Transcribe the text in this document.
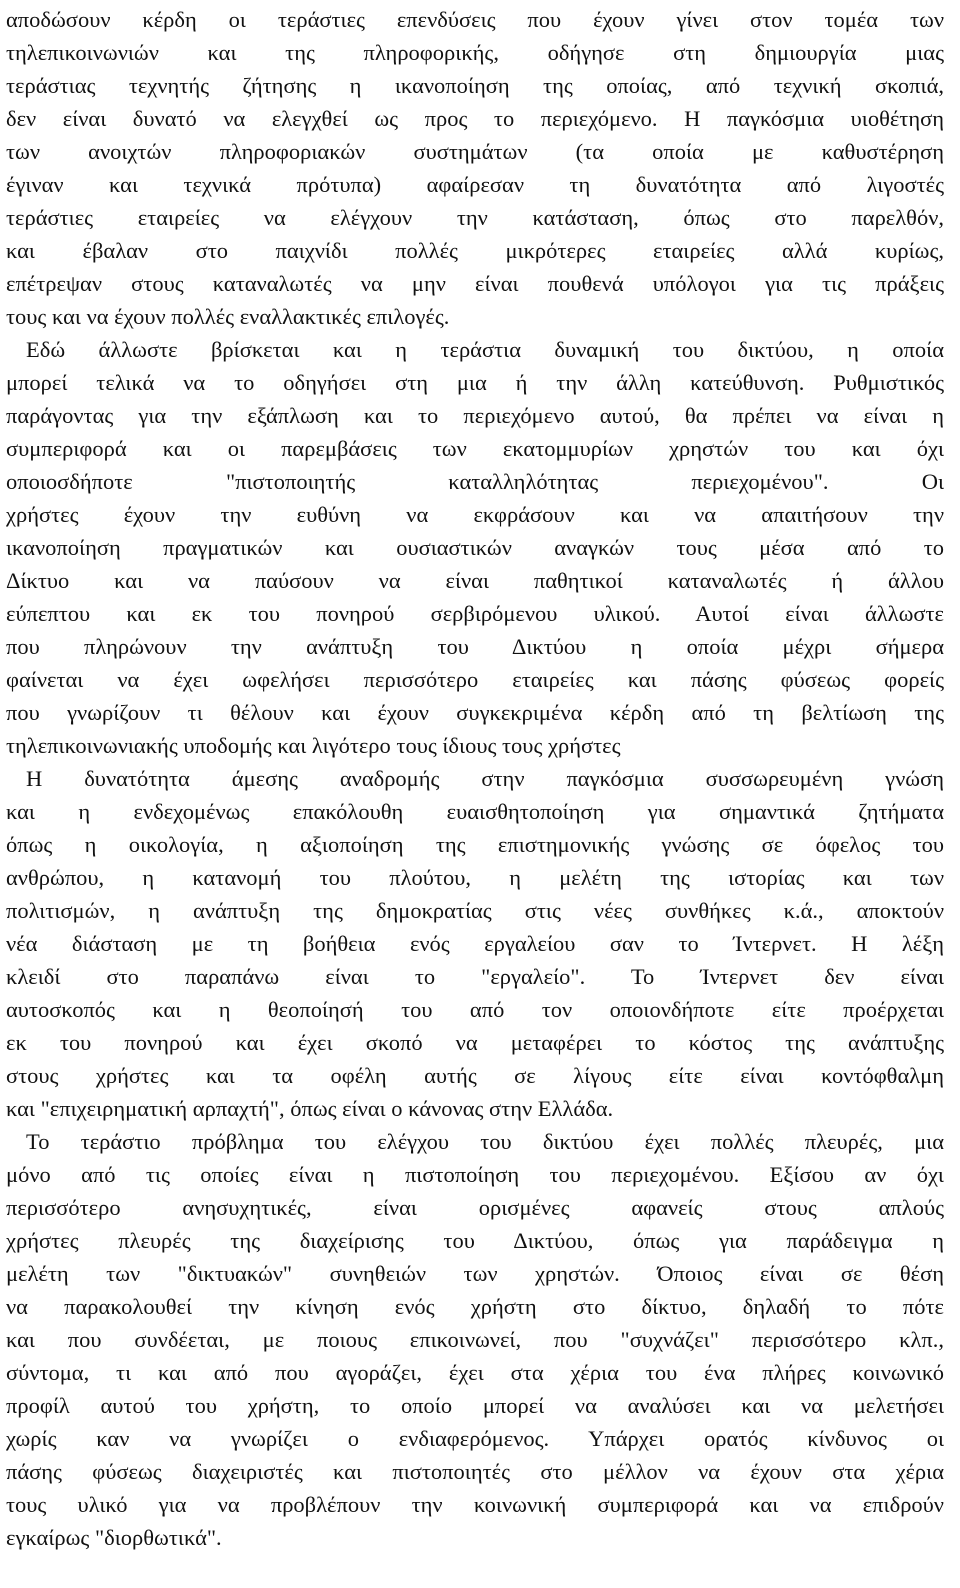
αποδώσουν κέρδη οι τεράστιες επενδύσεις που έχουν γίνει στον τομέα των
τηλεπικοινωνιών και της πληροφορικής, οδήγησε στη δημιουργία μιας
τεράστιας τεχνητής ζήτησης η ικανοποίηση της οποίας, από τεχνική σκοπιά,
δεν είναι δυνατό να ελεγχθεί ως προς το περιεχόμενο. Η παγκόσμια υιοθέτηση
των ανοιχτών πληροφοριακών συστημάτων (τα οποία με καθυστέρηση
έγιναν και τεχνικά πρότυπα) αφαίρεσαν τη δυνατότητα από λιγοστές
τεράστιες εταιρείες να ελέγχουν την κατάσταση, όπως στο παρελθόν,
και έβαλαν στο παιχνίδι πολλές μικρότερες εταιρείες αλλά κυρίως,
επέτρεψαν στους καταναλωτές να μην είναι πουθενά υπόλογοι για τις πράξεις
τους και να έχουν πολλές εναλλακτικές επιλογές.
Εδώ άλλωστε βρίσκεται και η τεράστια δυναμική του δικτύου, η οποία
μπορεί τελικά να το οδηγήσει στη μια ή την άλλη κατεύθυνση. Ρυθμιστικός
παράγοντας για την εξάπλωση και το περιεχόμενο αυτού, θα πρέπει να είναι η
συμπεριφορά και οι παρεμβάσεις των εκατομμυρίων χρηστών του και όχι
οποιοσδήποτε "πιστοποιητής καταλληλότητας περιεχομένου". Οι
χρήστες έχουν την ευθύνη να εκφράσουν και να απαιτήσουν την
ικανοποίηση πραγματικών και ουσιαστικών αναγκών τους μέσα από το
Δίκτυο και να παύσουν να είναι παθητικοί καταναλωτές ή άλλου
εύπεπτου και εκ του πονηρού σερβιρόμενου υλικού. Αυτοί είναι άλλωστε
που πληρώνουν την ανάπτυξη του Δικτύου η οποία μέχρι σήμερα
φαίνεται να έχει ωφελήσει περισσότερο εταιρείες και πάσης φύσεως φορείς
που γνωρίζουν τι θέλουν και έχουν συγκεκριμένα κέρδη από τη βελτίωση της
τηλεπικοινωνιακής υποδομής και λιγότερο τους ίδιους τους χρήστες
Η δυνατότητα άμεσης αναδρομής στην παγκόσμια συσσωρευμένη γνώση
και η ενδεχομένως επακόλουθη ευαισθητοποίηση για σημαντικά ζητήματα
όπως η οικολογία, η αξιοποίηση της επιστημονικής γνώσης σε όφελος του
ανθρώπου, η κατανομή του πλούτου, η μελέτη της ιστορίας και των
πολιτισμών, η ανάπτυξη της δημοκρατίας στις νέες συνθήκες κ.ά., αποκτούν
νέα διάσταση με τη βοήθεια ενός εργαλείου σαν το Ίντερνετ. Η λέξη
κλειδί στο παραπάνω είναι το "εργαλείο". Το Ίντερνετ δεν είναι
αυτοσκοπός και η θεοποίησή του από τον οποιονδήποτε είτε προέρχεται
εκ του πονηρού και έχει σκοπό να μεταφέρει το κόστος της ανάπτυξης
στους χρήστες και τα οφέλη αυτής σε λίγους είτε είναι κοντόφθαλμη
και "επιχειρηματική αρπαχτή", όπως είναι ο κάνονας στην Ελλάδα.
Το τεράστιο πρόβλημα του ελέγχου του δικτύου έχει πολλές πλευρές, μια
μόνο από τις οποίες είναι η πιστοποίηση του περιεχομένου. Εξίσου αν όχι
περισσότερο ανησυχητικές, είναι ορισμένες αφανείς στους απλούς
χρήστες πλευρές της διαχείρισης του Δικτύου, όπως για παράδειγμα η
μελέτη των "δικτυακών" συνηθειών των χρηστών. Όποιος είναι σε θέση
να παρακολουθεί την κίνηση ενός χρήστη στο δίκτυο, δηλαδή το πότε
και που συνδέεται, με ποιους επικοινωνεί, που "συχνάζει" περισσότερο κλπ.,
σύντομα, τι και από που αγοράζει, έχει στα χέρια του ένα πλήρες κοινωνικό
προφίλ αυτού του χρήστη, το οποίο μπορεί να αναλύσει και να μελετήσει
χωρίς καν να γνωρίζει ο ενδιαφερόμενος. Υπάρχει ορατός κίνδυνος οι
πάσης φύσεως διαχειριστές και πιστοποιητές στο μέλλον να έχουν στα χέρια
τους υλικό για να προβλέπουν την κοινωνική συμπεριφορά και να επιδρούν
εγκαίρως "διορθωτικά".
